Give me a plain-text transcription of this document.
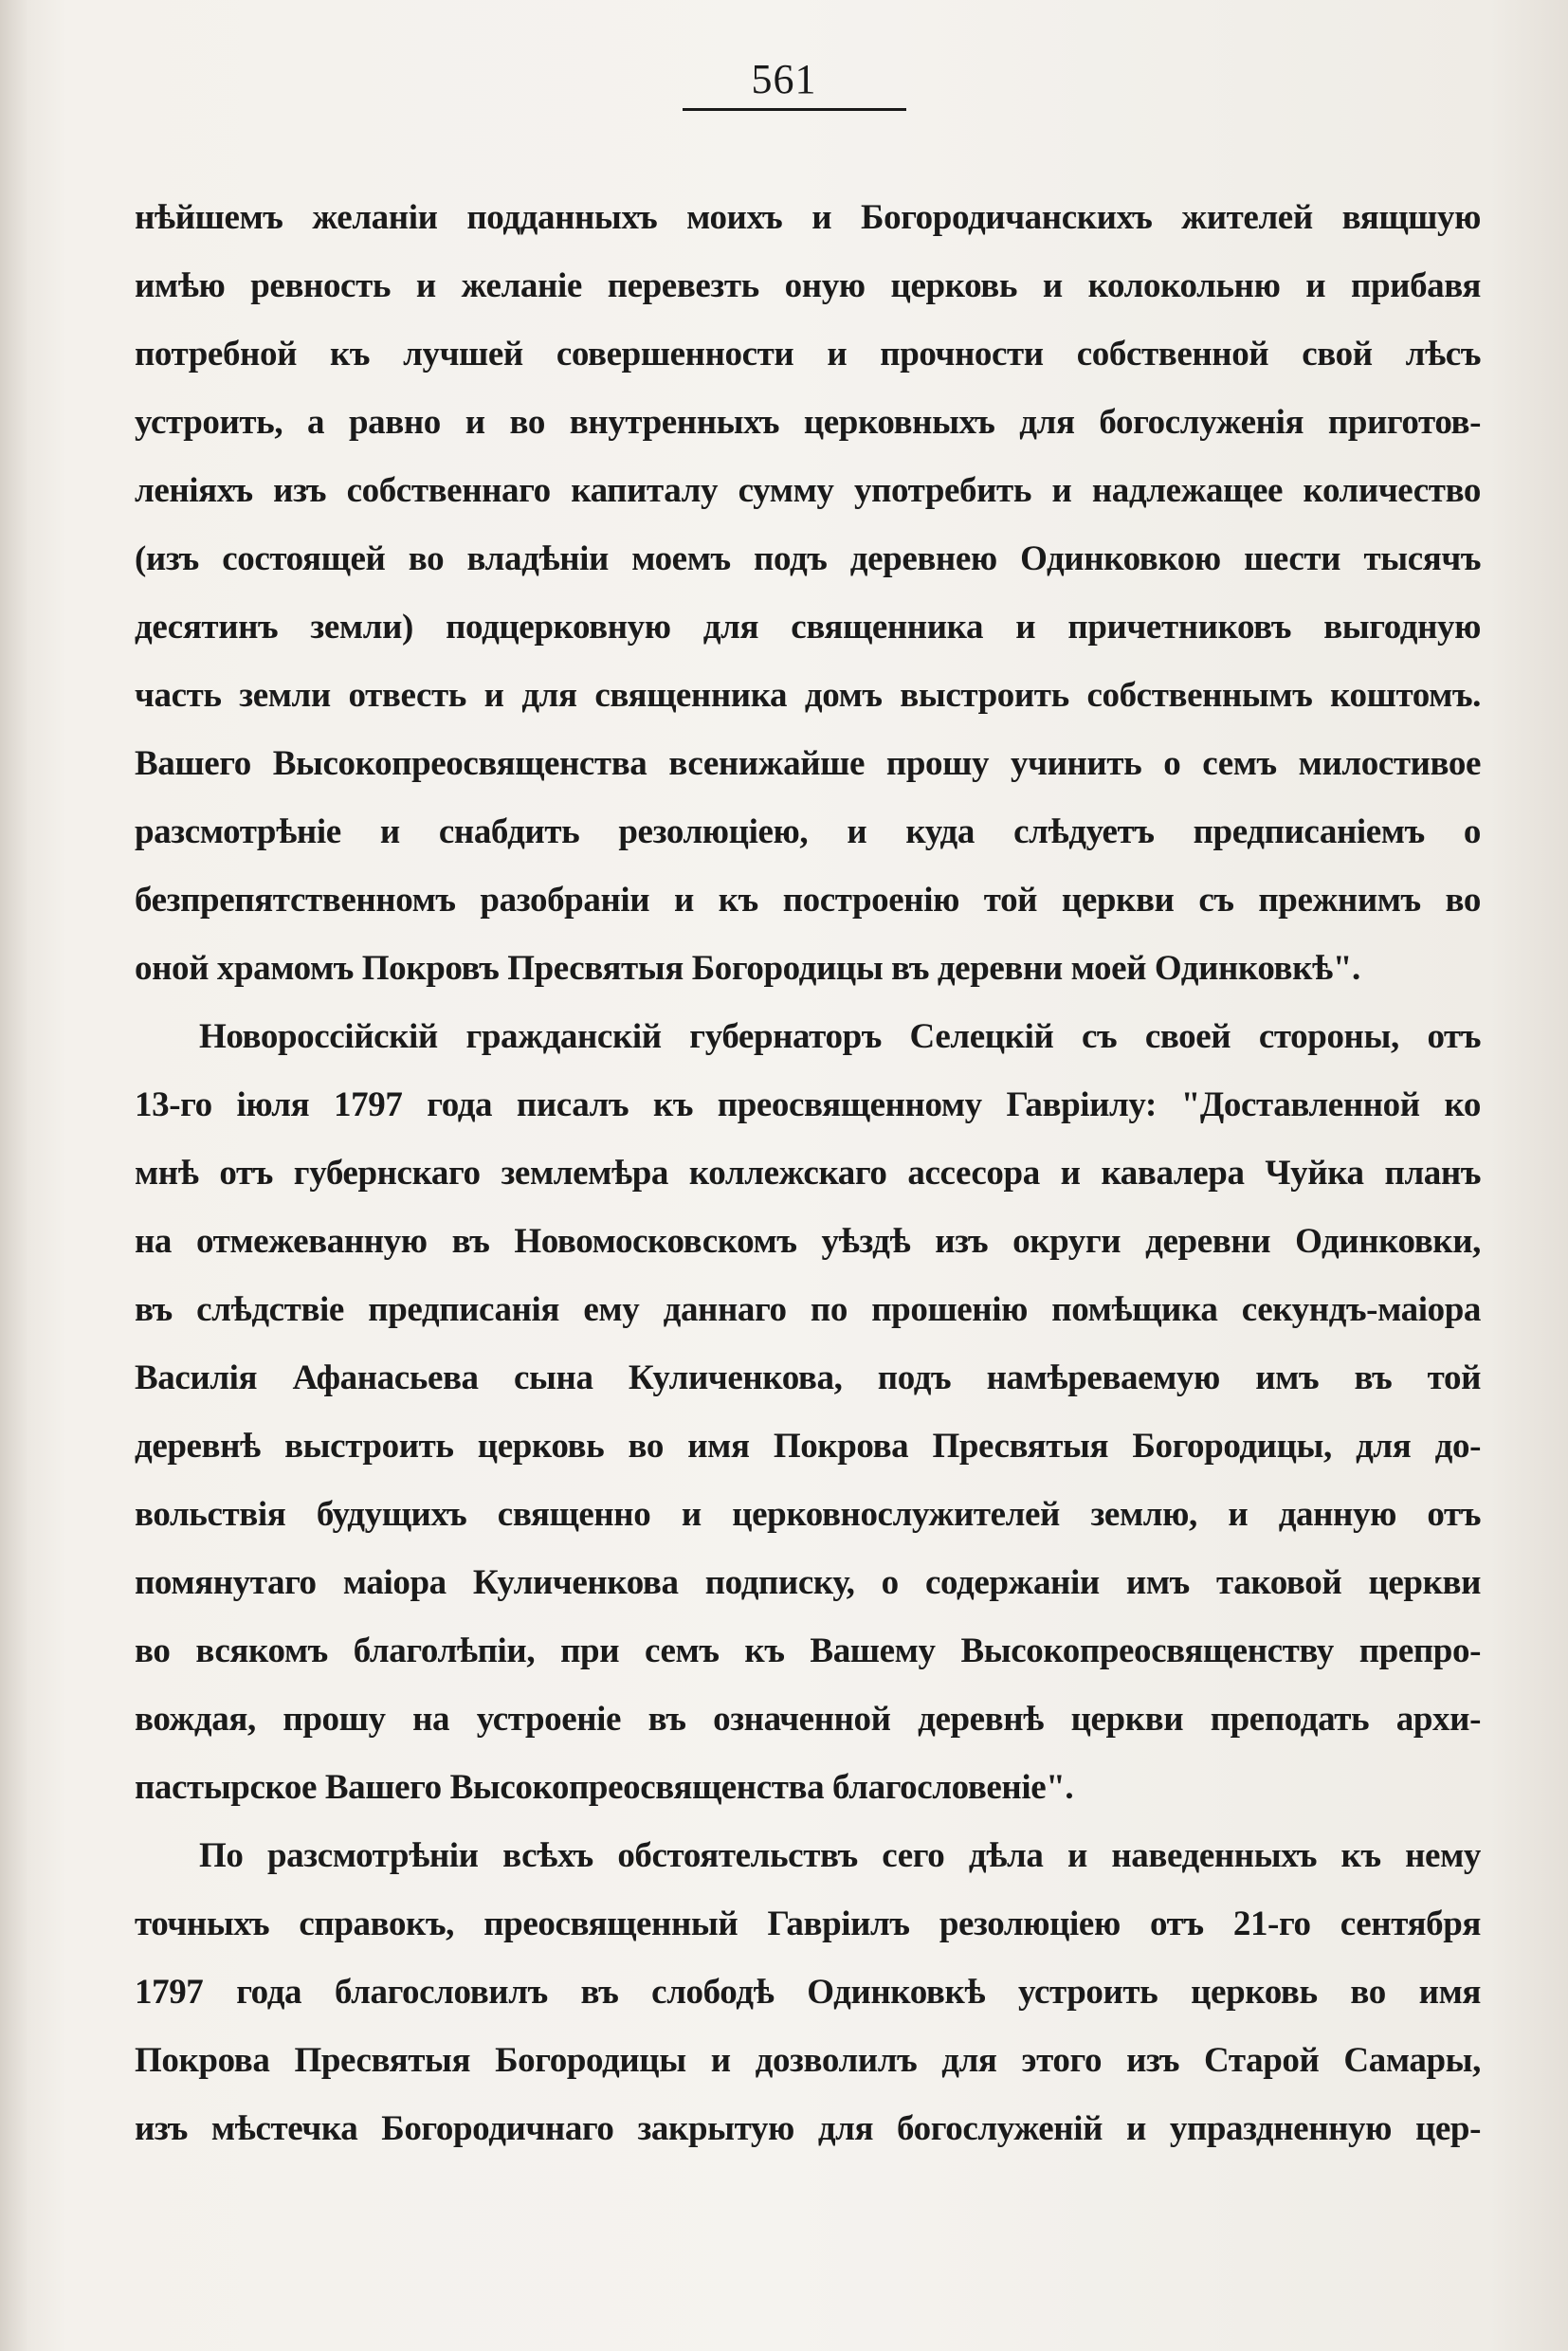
561
нѣйшемъ желаніи подданныхъ моихъ и Богородичанскихъ жителей вящшую
имѣю ревность и желаніе перевезть оную церковь и колокольню и прибавя
потребной къ лучшей совершенности и прочности собственной свой лѣсъ
устроить, а равно и во внутренныхъ церковныхъ для богослуженія приготов-
леніяхъ изъ собственнаго капиталу сумму употребить и надлежащее количество
(изъ состоящей во владѣніи моемъ подъ деревнею Одинковкою шести тысячъ
десятинъ земли) подцерковную для священника и причетниковъ выгодную
часть земли отвесть и для священника домъ выстроить собственнымъ коштомъ.
Вашего Высокопреосвященства всенижайше прошу учинить о семъ милостивое
разсмотрѣніе и снабдить резолюціею, и куда слѣдуетъ предписаніемъ о
безпрепятственномъ разобраніи и къ построенію той церкви съ прежнимъ во
оной храмомъ Покровъ Пресвятыя Богородицы въ деревни моей Одинковкѣ".
Новороссійскій гражданскій губернаторъ Селецкій съ своей стороны, отъ
13-го іюля 1797 года писалъ къ преосвященному Гавріилу: "Доставленной ко
мнѣ отъ губернскаго землемѣра коллежскаго ассесора и кавалера Чуйка планъ
на отмежеванную въ Новомосковскомъ уѣздѣ изъ округи деревни Одинковки,
въ слѣдствіе предписанія ему даннаго по прошенію помѣщика секундъ-маіора
Василія Афанасьева сына Куличенкова, подъ намѣреваемую имъ въ той
деревнѣ выстроить церковь во имя Покрова Пресвятыя Богородицы, для до-
вольствія будущихъ священно и церковнослужителей землю, и данную отъ
помянутаго маіора Куличенкова подписку, о содержаніи имъ таковой церкви
во всякомъ благолѣпіи, при семъ къ Вашему Высокопреосвященству препро-
вождая, прошу на устроеніе въ означенной деревнѣ церкви преподать архи-
пастырское Вашего Высокопреосвященства благословеніе".
По разсмотрѣніи всѣхъ обстоятельствъ сего дѣла и наведенныхъ къ нему
точныхъ справокъ, преосвященный Гавріилъ резолюціею отъ 21-го сентября
1797 года благословилъ въ слободѣ Одинковкѣ устроить церковь во имя
Покрова Пресвятыя Богородицы и дозволилъ для этого изъ Старой Самары,
изъ мѣстечка Богородичнаго закрытую для богослуженій и упраздненную цер-
